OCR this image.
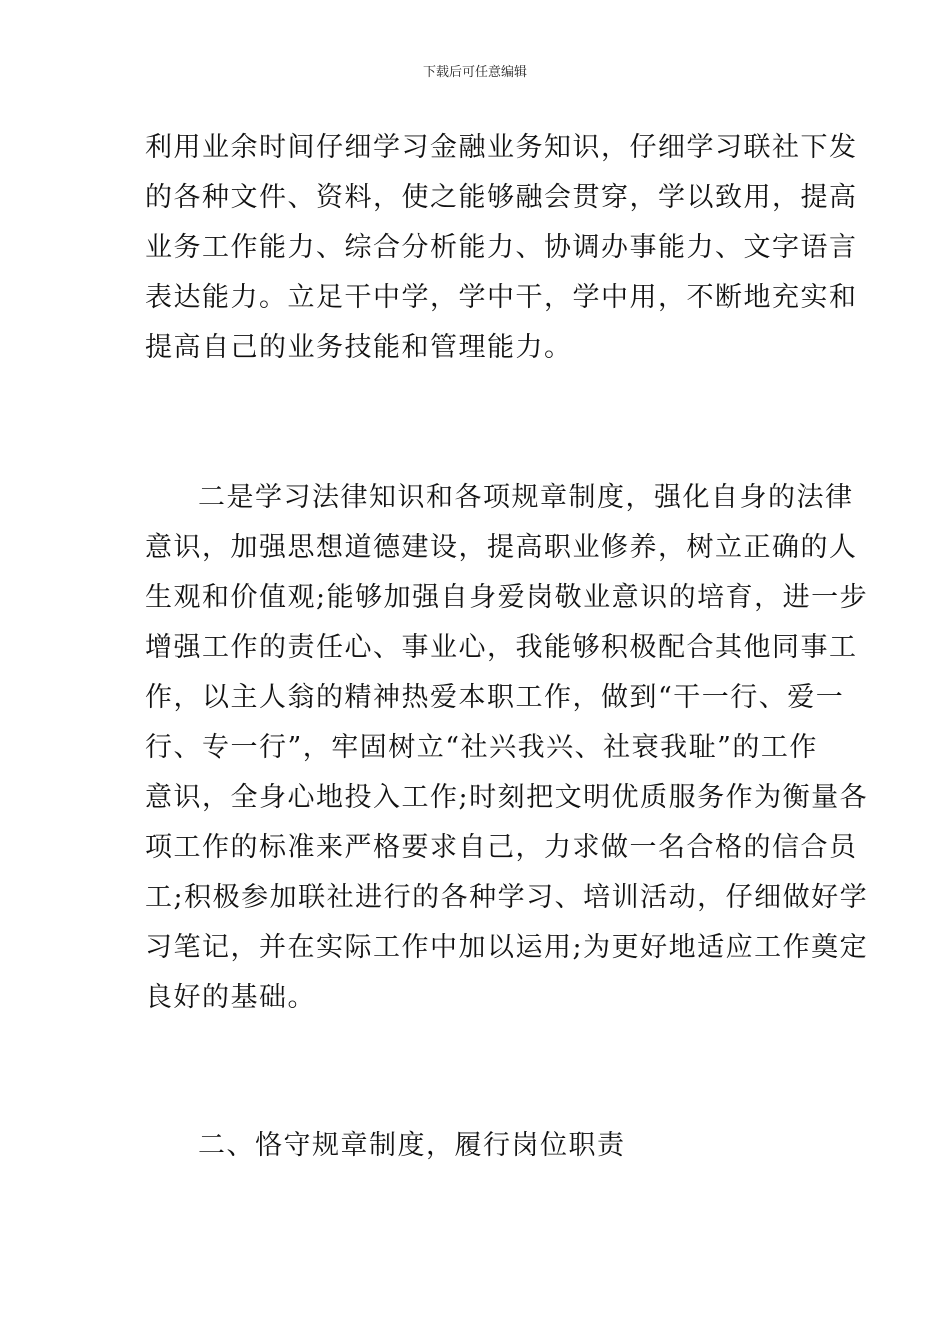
下载后可任意编辑
利用业余时间仔细学习金融业务知识，仔细学习联社下发
的各种文件、资料，使之能够融会贯穿，学以致用，提高
业务工作能力、综合分析能力、协调办事能力、文字语言
表达能力。立足干中学，学中干，学中用，不断地充实和
提高自己的业务技能和管理能力。
二是学习法律知识和各项规章制度，强化自身的法律
意识，加强思想道德建设，提高职业修养，树立正确的人
生观和价值观;能够加强自身爱岗敬业意识的培育，进一步
增强工作的责任心、事业心，我能够积极配合其他同事工
作，以主人翁的精神热爱本职工作，做到“干一行、爱一
行、专一行”，牢固树立“社兴我兴、社衰我耻”的工作
意识，全身心地投入工作;时刻把文明优质服务作为衡量各
项工作的标准来严格要求自己，力求做一名合格的信合员
工;积极参加联社进行的各种学习、培训活动，仔细做好学
习笔记，并在实际工作中加以运用;为更好地适应工作奠定
良好的基础。
二、恪守规章制度，履行岗位职责
